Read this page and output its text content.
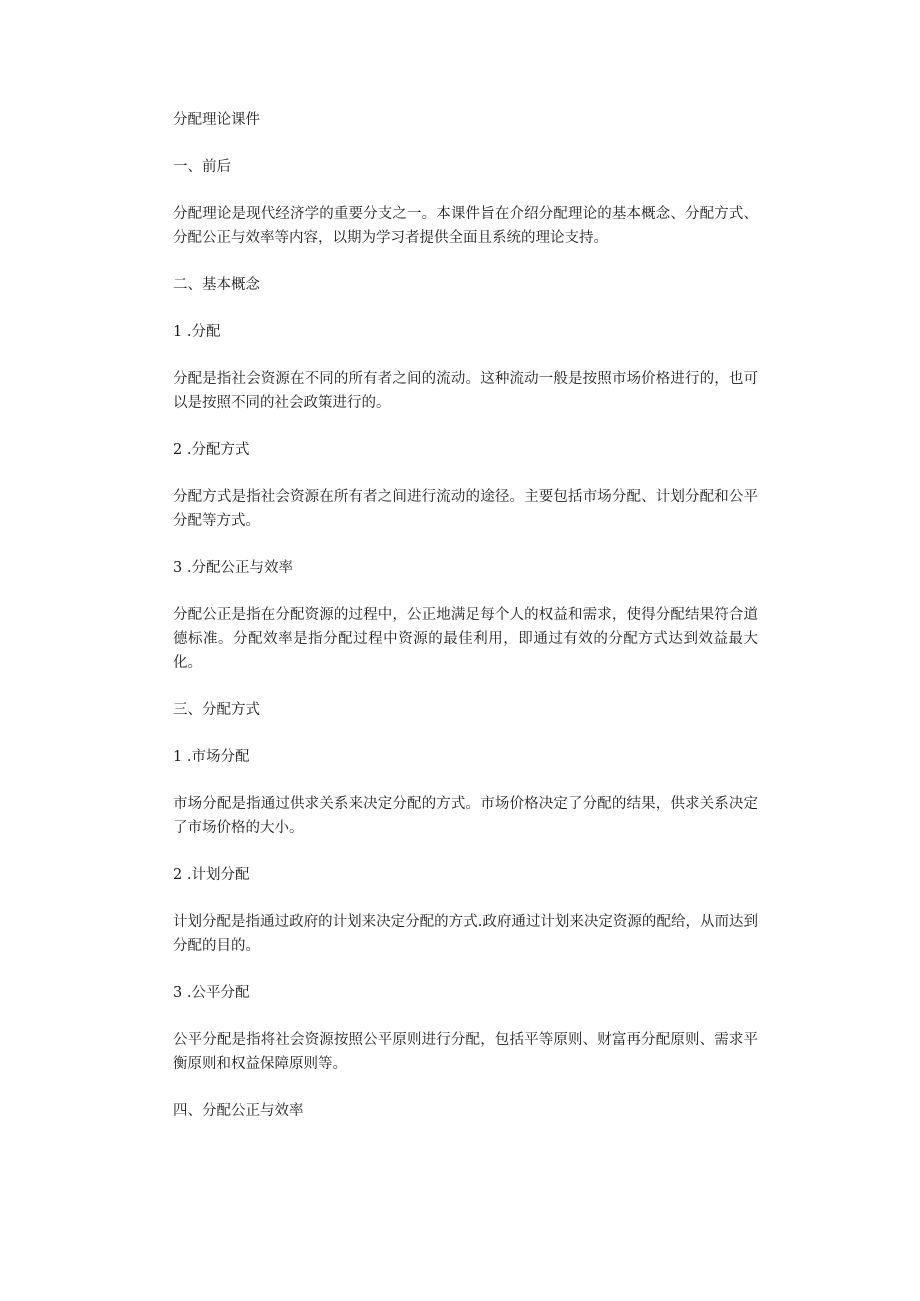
分配理论课件

一、前后

分配理论是现代经济学的重要分支之一。本课件旨在介绍分配理论的基本概念、分配方式、分配公正与效率等内容，以期为学习者提供全面且系统的理论支持。

二、基本概念

1 .分配

分配是指社会资源在不同的所有者之间的流动。这种流动一般是按照市场价格进行的，也可以是按照不同的社会政策进行的。

2 .分配方式

分配方式是指社会资源在所有者之间进行流动的途径。主要包括市场分配、计划分配和公平分配等方式。

3 .分配公正与效率

分配公正是指在分配资源的过程中，公正地满足每个人的权益和需求，使得分配结果符合道德标准。分配效率是指分配过程中资源的最佳利用，即通过有效的分配方式达到效益最大化。

三、分配方式

1 .市场分配

市场分配是指通过供求关系来决定分配的方式。市场价格决定了分配的结果，供求关系决定了市场价格的大小。

2 .计划分配

计划分配是指通过政府的计划来决定分配的方式.政府通过计划来决定资源的配给，从而达到分配的目的。

3 .公平分配

公平分配是指将社会资源按照公平原则进行分配，包括平等原则、财富再分配原则、需求平衡原则和权益保障原则等。

四、分配公正与效率
